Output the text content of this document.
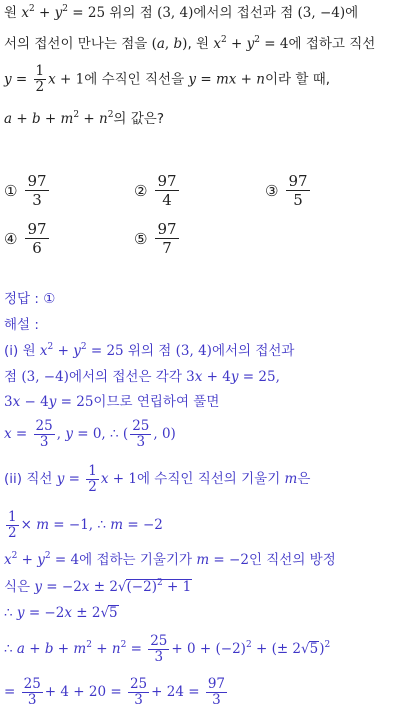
원 $x^2 + y^2 = 25$ 위의 점 (3, 4)에서의 접선과 점 (3, −4)에
서의 접선이 만나는 점을 (a, b), 원 $x^2 + y^2 = 4$에 접하고 직선
$y = \frac{1}{2}$ x + 1에 수직인 직선을 y = mx + n이라 할 때,
$a + b + m^2 + n^2$의 값은?
① $\frac{97}{3}$	② $\frac{97}{4}$	③ $\frac{97}{5}$
④ $\frac{97}{6}$	⑤ $\frac{97}{7}$
정답 : ①
해설 :
(i) 원 $x^2 + y^2 = 25$ 위의 점 (3, 4)에서의 접선과
점 (3, −4)에서의 접선은 각각 3x + 4y = 25,
3x − 4y = 25이므로 연립하여 풀면
$x = \frac{25}{3}$ , y = 0, ∴ ( $\frac{25}{3}$ , 0)
(ii) 직선 $y = \frac{1}{2}$ x + 1에 수직인 직선의 기울기 m은
$\frac{1}{2} \times m = -1$, ∴ m = −2
$x^2 + y^2 = 4$에 접하는 기울기가 m = −2인 직선의 방정
식은 $y = -2x \pm 2√(-2)^2 + 1$
∴ y = −2x ± 2√5
∴ $a + b + m^2 + n^2 = \frac{25}{3} + 0 + (-2)^2$ + (± 2√5)$^2$
= $\frac{25}{3} + 4 + 20 = \frac{25}{3} + 24 = \frac{97}{3}$
